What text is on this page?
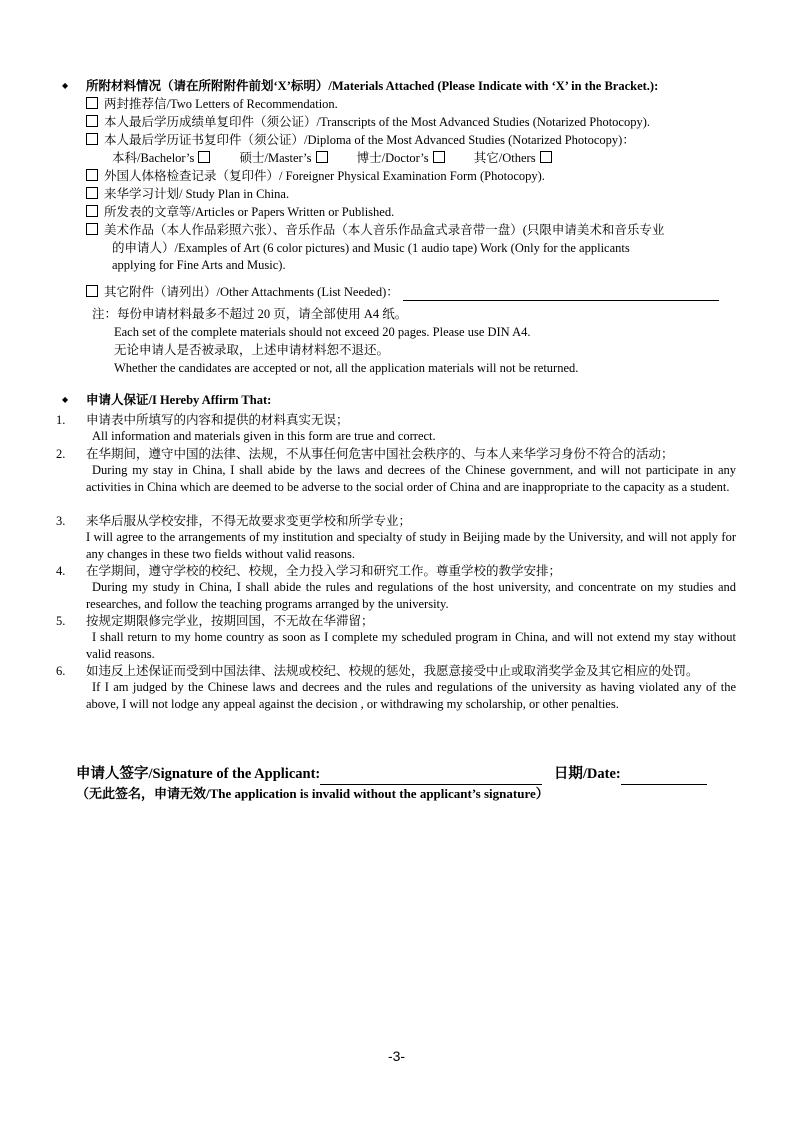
◆ 所附材料情况（请在所附附件前划‘X’标明）/Materials Attached (Please Indicate with ‘X’ in the Bracket.):
两封推荐信/Two Letters of Recommendation.
本人最后学历成绩单复印件（须公证）/Transcripts of the Most Advanced Studies (Notarized Photocopy).
本人最后学历证书复印件（须公证）/Diploma of the Most Advanced Studies (Notarized Photocopy)：
本科/Bachelor’s	硕士/Master’s	博士/Doctor’s	其它/Others
外国人体格检查记录（复印件）/ Foreigner Physical Examination Form (Photocopy).
来华学习计划/ Study Plan in China.
所发表的文章等/Articles or Papers Written or Published.
美术作品（本人作品彩照六张）、音乐作品（本人音乐作品盒式录音带一盘）(只限申请美术和音乐专业
的申请人）/Examples of Art (6 color pictures) and Music (1 audio tape) Work (Only for the applicants
applying for Fine Arts and Music).
其它附件（请列出）/Other Attachments (List Needed)：
注：每份申请材料最多不超过 20 页，请全部使用 A4 纸。
Each set of the complete materials should not exceed 20 pages. Please use DIN A4.
无论申请人是否被录取，上述申请材料恕不退还。
Whether the candidates are accepted or not, all the application materials will not be returned.
◆ 申请人保证/I Hereby Affirm That:
1.	申请表中所填写的内容和提供的材料真实无误；
All information and materials given in this form are true and correct.
2.	在华期间，遵守中国的法律、法规，不从事任何危害中国社会秩序的、与本人来华学习身份不符合的活动；
During my stay in China, I shall abide by the laws and decrees of the Chinese government, and will not participate in any activities in China which are deemed to be adverse to the social order of China and are inappropriate to the capacity as a student.
3.	来华后服从学校安排，不得无故要求变更学校和所学专业；
I will agree to the arrangements of my institution and specialty of study in Beijing made by the University, and will not apply for any changes in these two fields without valid reasons.
4.	在学期间，遵守学校的校纪、校规，全力投入学习和研究工作。尊重学校的教学安排；
During my study in China, I shall abide the rules and regulations of the host university, and concentrate on my studies and researches, and follow the teaching programs arranged by the university.
5.	按规定期限修完学业，按期回国，不无故在华滞留；
I shall return to my home country as soon as I complete my scheduled program in China, and will not extend my stay without valid reasons.
6.	如违反上述保证而受到中国法律、法规或校纪、校规的惩处，我愿意接受中止或取消奖学金及其它相应的处罚。
If I am judged by the Chinese laws and decrees and the rules and regulations of the university as having violated any of the above, I will not lodge any appeal against the decision , or withdrawing my scholarship, or other penalties.
申请人签字/Signature of the Applicant:	日期/Date:
（无此签名，申请无效/The application is invalid without the applicant’s signature）
-3-
